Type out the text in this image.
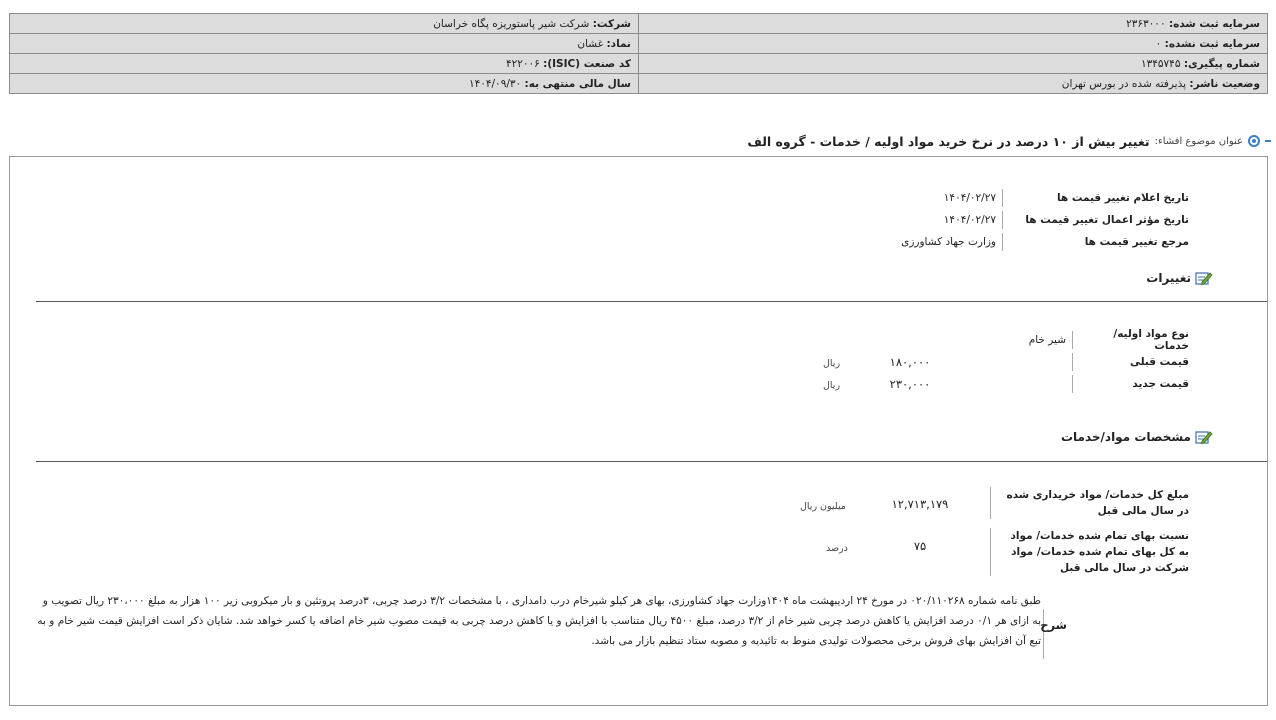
شرکت: شرکت شیر پاستوریزه پگاه خراسان	سرمایه ثبت شده: ۲۳۶۳۰۰۰
نماد: غشان	سرمایه ثبت نشده: ۰
کد صنعت (ISIC): ۴۲۲۰۰۶	شماره پیگیری: ۱۳۴۵۷۴۵
سال مالی منتهی به: ۱۴۰۴/۰۹/۳۰	وضعیت ناشر: پذیرفته شده در بورس تهران
عنوان موضوع افشاء:
تغییر بیش از ۱۰ درصد در نرخ خرید مواد اولیه / خدمات - گروه الف
تاریخ اعلام تغییر قیمت ها
۱۴۰۴/۰۲/۲۷
تاریخ مؤثر اعمال تغییر قیمت ها
۱۴۰۴/۰۲/۲۷
مرجع تغییر قیمت ها
وزارت جهاد کشاورزی
تغییرات
نوع مواد اولیه/خدمات
شیر خام
قیمت قبلی
۱۸۰,۰۰۰
ریال
قیمت جدید
۲۳۰,۰۰۰
ریال
مشخصات مواد/خدمات
مبلغ کل خدمات/ مواد خریداری شده در سال مالی قبل
۱۲,۷۱۳,۱۷۹
میلیون ریال
نسبت بهای تمام شده خدمات/ مواد به کل بهای تمام شده خدمات/ مواد شرکت در سال مالی قبل
۷۵
درصد
شرح
طبق نامه شماره ۰۲۰/۱۱۰۲۶۸ در مورخ ۲۴ اردیبهشت ماه ۱۴۰۴وزارت جهاد کشاورزی، بهای هر کیلو شیرخام درب دامداری ، با مشخصات ۳/۲ درصد چربی، ۳درصد پروتئین و بار میکروبی زیر ۱۰۰ هزار به مبلغ ۲۳۰،۰۰۰ ریال تصویب و به ازای هر ۰/۱ درصد افزایش یا کاهش درصد چربی شیر خام از ۳/۲ درصد، مبلغ ۴۵۰۰ ریال متناسب با افزایش و یا کاهش درصد چربی به قیمت مصوب شیر خام اضافه یا کسر خواهد شد. شایان ذکر است افزایش قیمت شیر خام و به تبع آن افزایش بهای فروش برخی محصولات تولیدی منوط به تائیدیه و مصوبه ستاد تنظیم بازار می باشد.
